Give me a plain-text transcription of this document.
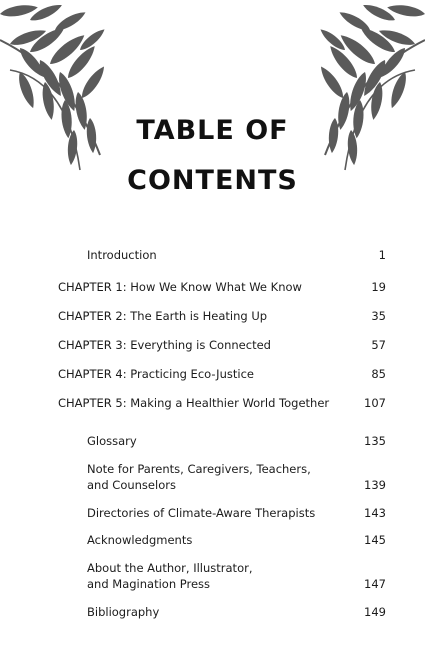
TABLE OF
CONTENTS
Introduction	1
CHAPTER 1: How We Know What We Know	19
CHAPTER 2: The Earth is Heating Up	35
CHAPTER 3: Everything is Connected	57
CHAPTER 4: Practicing Eco-Justice	85
CHAPTER 5: Making a Healthier World Together	107
Glossary	135
Note for Parents, Caregivers, Teachers,
and Counselors	139
Directories of Climate-Aware Therapists	143
Acknowledgments	145
About the Author, Illustrator,
and Magination Press	147
Bibliography	149
